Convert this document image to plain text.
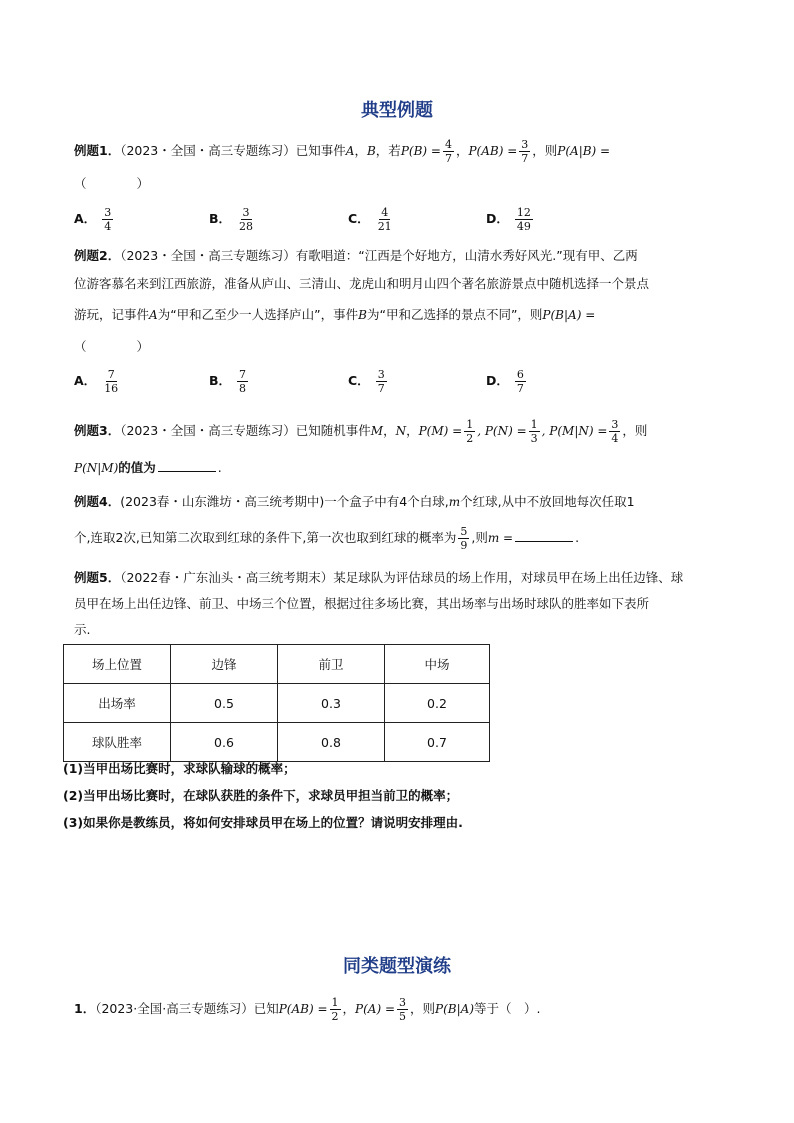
典型例题
例题1．（2023・全国・高三专题练习）已知事件A，B，若$P(B) = \frac{4}{7}$ ，$P(AB) = \frac{3}{7}$ ，则P(A|B) =
（　　　　）
A． $\frac{3}{4}$	B． $\frac{3}{28}$	C． $\frac{4}{21}$	D． $\frac{12}{49}$
例题2．（2023・全国・高三专题练习）有歌唱道：“江西是个好地方，山清水秀好风光.”现有甲、乙两
位游客慕名来到江西旅游，准备从庐山、三清山、龙虎山和明月山四个著名旅游景点中随机选择一个景点
游玩，记事件A为“甲和乙至少一人选择庐山”，事件B为“甲和乙选择的景点不同”，则P(B|A) =
（　　　　）
A． $\frac{7}{16}$	B． $\frac{7}{8}$	C． $\frac{3}{7}$	D． $\frac{6}{7}$
例题3．（2023・全国・高三专题练习）已知随机事件M，N，$P(M) = \frac{1}{2}$ , $P(N) = \frac{1}{3}$ , $P(M|N) = \frac{3}{4}$ ，则
P(N|M)的值为	.
例题4．(2023春・山东潍坊・高三统考期中)一个盒子中有4个白球,m个红球,从中不放回地每次任取1
个,连取2次,已知第二次取到红球的条件下,第一次也取到红球的概率为 $\frac{5}{9}$ ,则m =	.
例题5．（2022春・广东汕头・高三统考期末）某足球队为评估球员的场上作用，对球员甲在场上出任边锋、球
员甲在场上出任边锋、前卫、中场三个位置，根据过往多场比赛，其出场率与出场时球队的胜率如下表所
示.
场上位置	边锋	前卫	中场
出场率	0.5	0.3	0.2
球队胜率	0.6	0.8	0.7
(1)当甲出场比赛时，求球队输球的概率；
(2)当甲出场比赛时，在球队获胜的条件下，求球员甲担当前卫的概率；
(3)如果你是教练员，将如何安排球员甲在场上的位置？请说明安排理由.
同类题型演练
1．（2023·全国·高三专题练习）已知$P(AB) = \frac{1}{2}$ ，$P(A) = \frac{3}{5}$ ，则P(B|A)等于（　）.
